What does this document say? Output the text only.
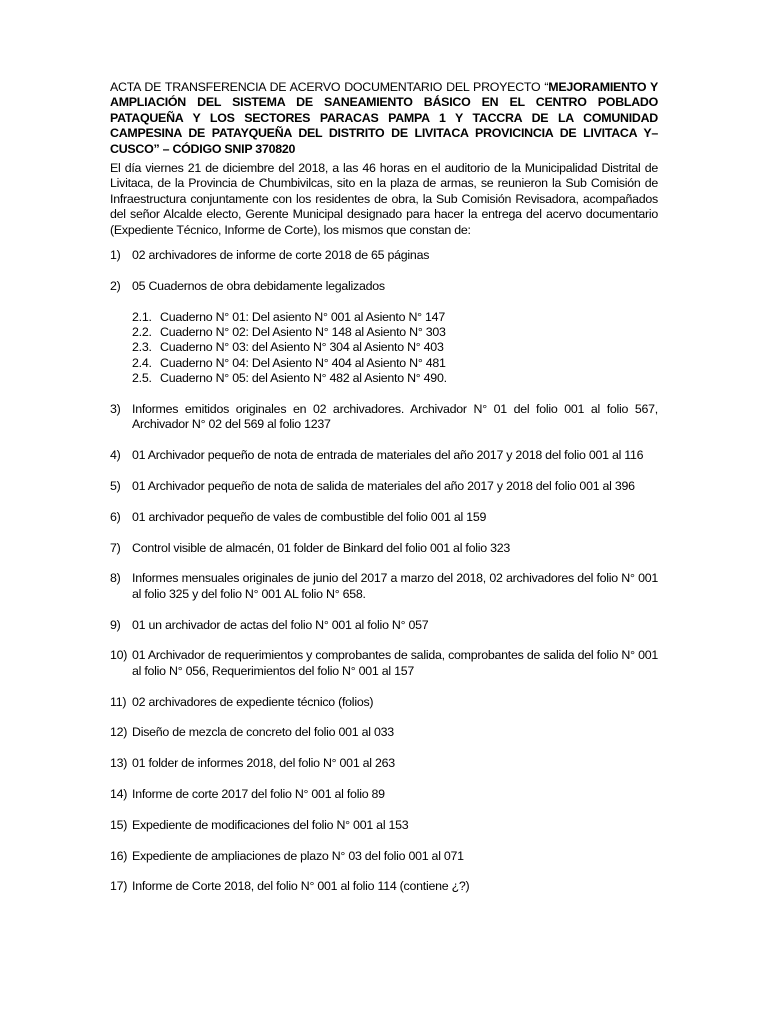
ACTA DE TRANSFERENCIA DE ACERVO DOCUMENTARIO DEL PROYECTO “MEJORAMIENTO Y AMPLIACIÓN DEL SISTEMA DE SANEAMIENTO BÁSICO EN EL CENTRO POBLADO PATAQUEÑA Y LOS SECTORES PARACAS PAMPA 1 Y TACCRA DE LA COMUNIDAD CAMPESINA DE PATAYQUEÑA DEL DISTRITO DE LIVITACA PROVICINCIA DE LIVITACA Y–CUSCO” – CÓDIGO SNIP 370820

El día viernes 21 de diciembre del 2018, a las 46 horas en el auditorio de la Municipalidad Distrital de Livitaca, de la Provincia de Chumbivilcas, sito en la plaza de armas, se reunieron la Sub Comisión de Infraestructura conjuntamente con los residentes de obra, la Sub Comisión Revisadora, acompañados del señor Alcalde electo, Gerente Municipal designado para hacer la entrega del acervo documentario (Expediente Técnico, Informe de Corte), los mismos que constan de:

1) 02 archivadores de informe de corte 2018 de 65 páginas
2) 05 Cuadernos de obra debidamente legalizados
2.1. Cuaderno N° 01: Del asiento N° 001 al Asiento N° 147
2.2. Cuaderno N° 02: Del Asiento N° 148 al Asiento N° 303
2.3. Cuaderno N° 03: del Asiento N° 304 al Asiento N° 403
2.4. Cuaderno N° 04: Del Asiento N° 404 al Asiento N° 481
2.5. Cuaderno N° 05: del Asiento N° 482 al Asiento N° 490.
3) Informes emitidos originales en 02 archivadores. Archivador N° 01 del folio 001 al folio 567, Archivador N° 02 del 569 al folio 1237
4) 01 Archivador pequeño de nota de entrada de materiales del año 2017 y 2018 del folio 001 al 116
5) 01 Archivador pequeño de nota de salida de materiales del año 2017 y 2018 del folio 001 al 396
6) 01 archivador pequeño de vales de combustible del folio 001 al 159
7) Control visible de almacén, 01 folder de Binkard del folio 001 al folio 323
8) Informes mensuales originales de junio del 2017 a marzo del 2018, 02 archivadores del folio N° 001 al folio 325 y del folio N° 001 AL folio N° 658.
9) 01 un archivador de actas del folio N° 001 al folio N° 057
10) 01 Archivador de requerimientos y comprobantes de salida, comprobantes de salida del folio N° 001 al folio N° 056, Requerimientos del folio N° 001 al 157
11) 02 archivadores de expediente técnico (folios)
12) Diseño de mezcla de concreto del folio 001 al 033
13) 01 folder de informes 2018, del folio N° 001 al 263
14) Informe de corte 2017 del folio N° 001 al folio 89
15) Expediente de modificaciones del folio N° 001 al 153
16) Expediente de ampliaciones de plazo N° 03 del folio 001 al 071
17) Informe de Corte 2018, del folio N° 001 al folio 114 (contiene ¿?)
